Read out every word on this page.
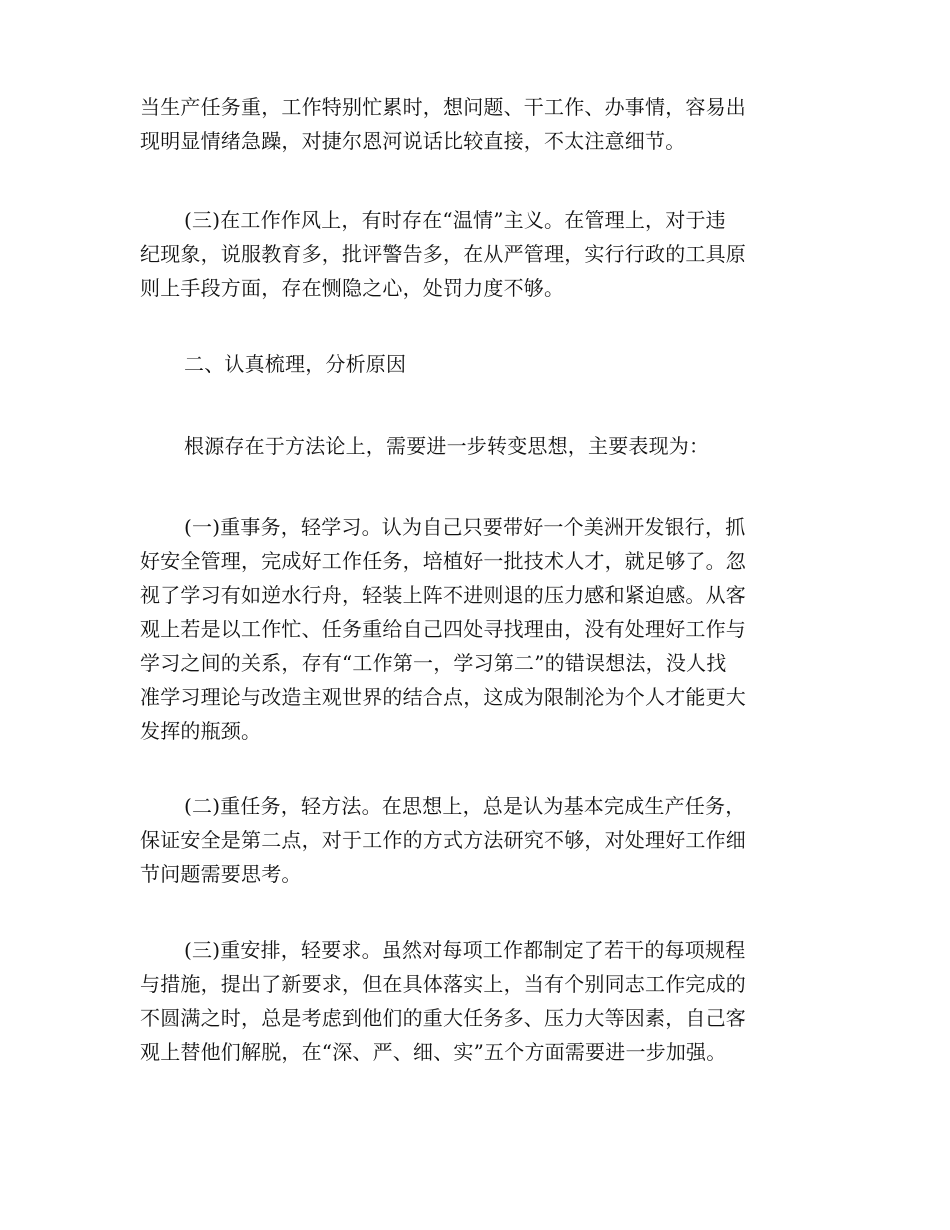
当生产任务重，工作特别忙累时，想问题、干工作、办事情，容易出
现明显情绪急躁，对捷尔恩河说话比较直接，不太注意细节。
(三)在工作作风上，有时存在“温情”主义。在管理上，对于违
纪现象，说服教育多，批评警告多，在从严管理，实行行政的工具原
则上手段方面，存在恻隐之心，处罚力度不够。
二、认真梳理，分析原因
根源存在于方法论上，需要进一步转变思想，主要表现为：
(一)重事务，轻学习。认为自己只要带好一个美洲开发银行，抓
好安全管理，完成好工作任务，培植好一批技术人才，就足够了。忽
视了学习有如逆水行舟，轻装上阵不进则退的压力感和紧迫感。从客
观上若是以工作忙、任务重给自己四处寻找理由，没有处理好工作与
学习之间的关系，存有“工作第一，学习第二”的错误想法，没人找
准学习理论与改造主观世界的结合点，这成为限制沦为个人才能更大
发挥的瓶颈。
(二)重任务，轻方法。在思想上，总是认为基本完成生产任务，
保证安全是第二点，对于工作的方式方法研究不够，对处理好工作细
节问题需要思考。
(三)重安排，轻要求。虽然对每项工作都制定了若干的每项规程
与措施，提出了新要求，但在具体落实上，当有个别同志工作完成的
不圆满之时，总是考虑到他们的重大任务多、压力大等因素，自己客
观上替他们解脱，在“深、严、细、实”五个方面需要进一步加强。
